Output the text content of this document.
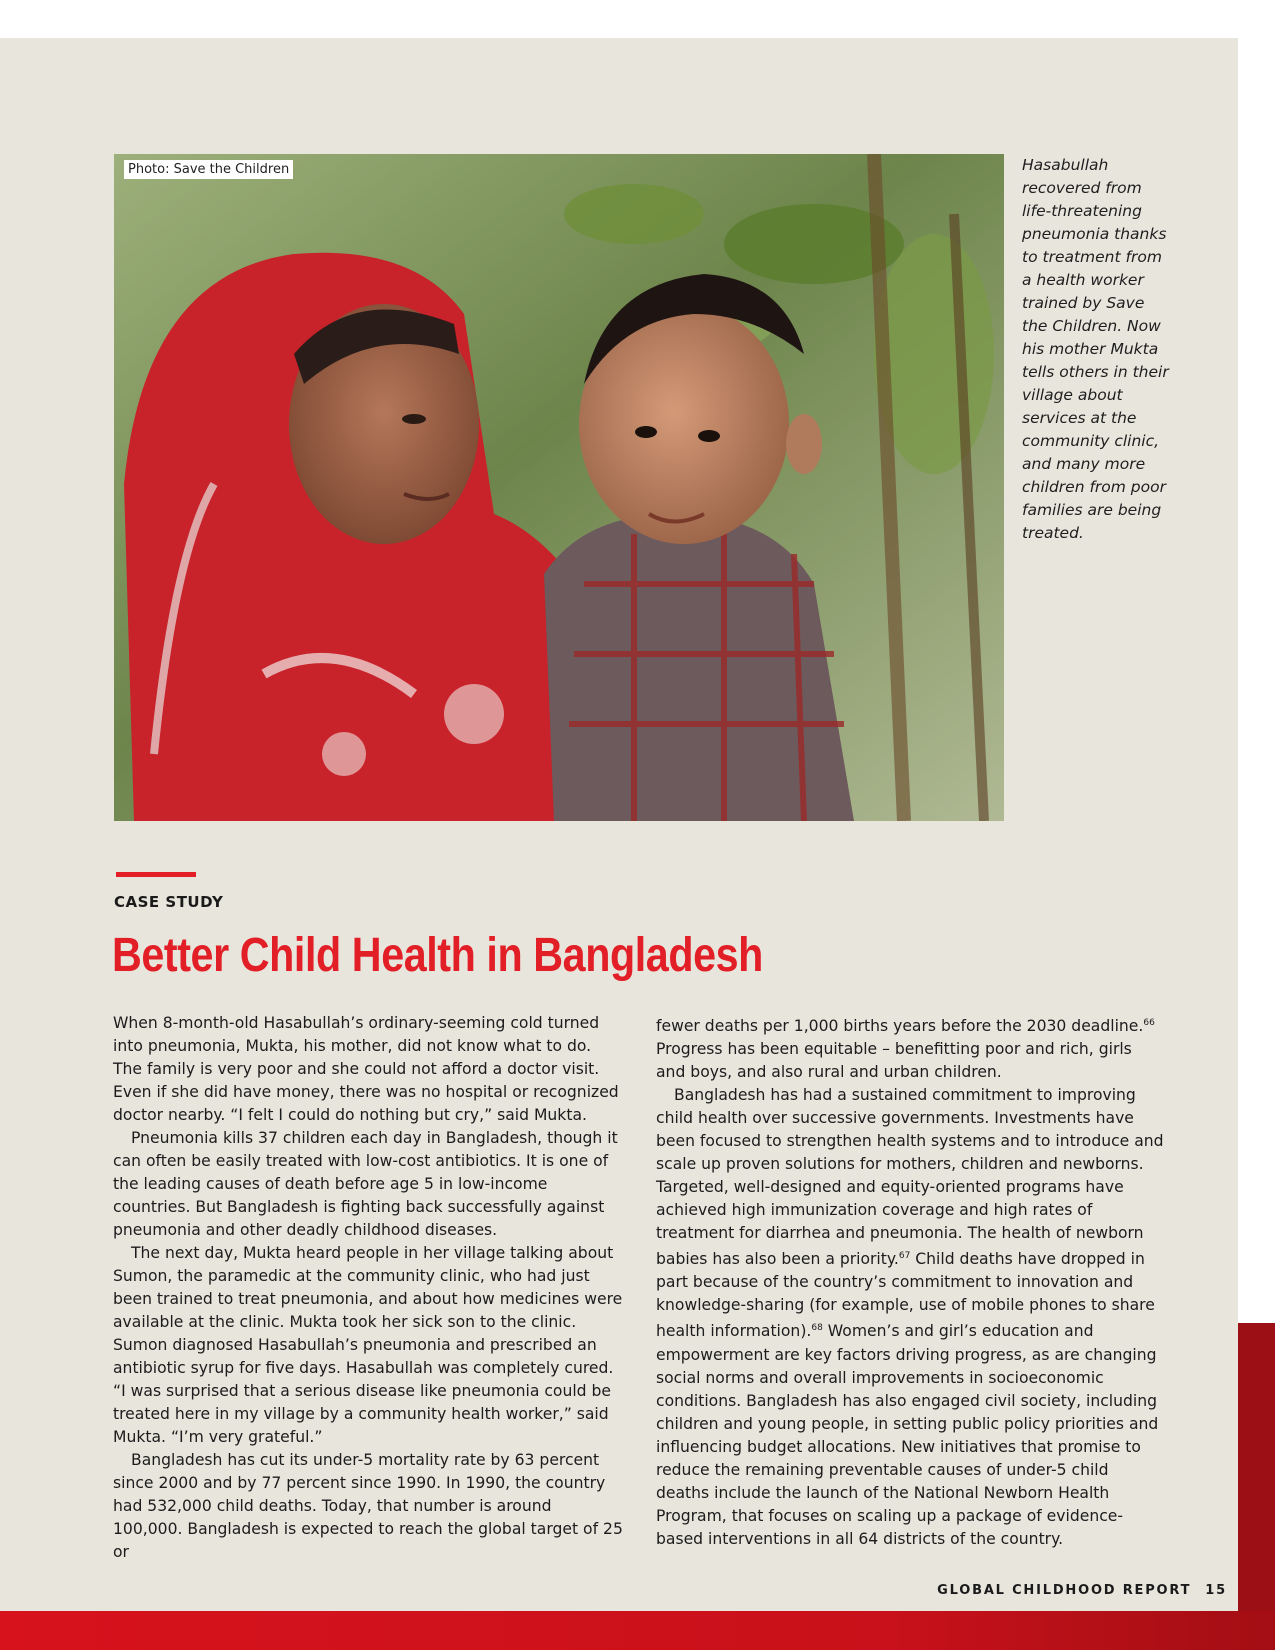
Photo: Save the Children	Hasabullah recovered from life-threatening pneumonia thanks to treatment from a health worker trained by Save the Children. Now his mother Mukta tells others in their village about services at the community clinic, and many more children from poor families are being treated.
CASE STUDY
Better Child Health in Bangladesh

When 8-month-old Hasabullah’s ordinary-seeming cold turned into pneumonia, Mukta, his mother, did not know what to do. The family is very poor and she could not afford a doctor visit. Even if she did have money, there was no hospital or recognized doctor nearby. “I felt I could do nothing but cry,” said Mukta.

Pneumonia kills 37 children each day in Bangladesh, though it can often be easily treated with low-cost antibiotics. It is one of the leading causes of death before age 5 in low-income countries. But Bangladesh is fighting back successfully against pneumonia and other deadly childhood diseases.

The next day, Mukta heard people in her village talking about Sumon, the paramedic at the community clinic, who had just been trained to treat pneumonia, and about how medicines were available at the clinic. Mukta took her sick son to the clinic. Sumon diagnosed Hasabullah’s pneumonia and prescribed an antibiotic syrup for five days. Hasabullah was completely cured. “I was surprised that a serious disease like pneumonia could be treated here in my village by a community health worker,” said Mukta. “I’m very grateful.”

Bangladesh has cut its under-5 mortality rate by 63 percent since 2000 and by 77 percent since 1990. In 1990, the country had 532,000 child deaths. Today, that number is around 100,000. Bangladesh is expected to reach the global target of 25 or

fewer deaths per 1,000 births years before the 2030 deadline.$^{66}$ Progress has been equitable – benefitting poor and rich, girls and boys, and also rural and urban children.

Bangladesh has had a sustained commitment to improving child health over successive governments. Investments have been focused to strengthen health systems and to introduce and scale up proven solutions for mothers, children and newborns. Targeted, well-designed and equity-oriented programs have achieved high immunization coverage and high rates of treatment for diarrhea and pneumonia. The health of newborn babies has also been a priority.$^{67}$ Child deaths have dropped in part because of the country’s commitment to innovation and knowledge-sharing (for example, use of mobile phones to share health information).$^{68}$ Women’s and girl’s education and empowerment are key factors driving progress, as are changing social norms and overall improvements in socioeconomic conditions. Bangladesh has also engaged civil society, including children and young people, in setting public policy priorities and influencing budget allocations. New initiatives that promise to reduce the remaining preventable causes of under-5 child deaths include the launch of the National Newborn Health Program, that focuses on scaling up a package of evidence-based interventions in all 64 districts of the country.

GLOBAL CHILDHOOD REPORT 15
